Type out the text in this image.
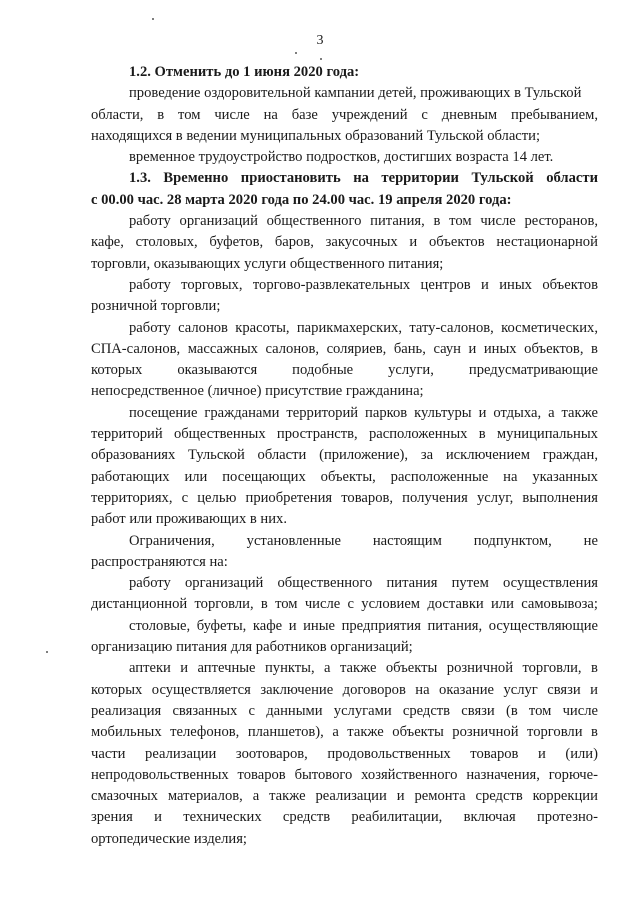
3
1.2. Отменить до 1 июня 2020 года:
проведение оздоровительной кампании детей, проживающих в Тульской
области, в том числе на базе учреждений с дневным пребыванием,
находящихся в ведении муниципальных образований Тульской области;
временное трудоустройство подростков, достигших возраста 14 лет.
1.3. Временно приостановить на территории Тульской области
с 00.00 час. 28 марта 2020 года по 24.00 час. 19 апреля 2020 года:
работу организаций общественного питания, в том числе ресторанов,
кафе, столовых, буфетов, баров, закусочных и объектов нестационарной
торговли, оказывающих услуги общественного питания;
работу торговых, торгово-развлекательных центров и иных объектов
розничной торговли;
работу салонов красоты, парикмахерских, тату-салонов, косметических,
СПА-салонов, массажных салонов, соляриев, бань, саун и иных объектов, в
которых оказываются подобные услуги, предусматривающие
непосредственное (личное) присутствие гражданина;
посещение гражданами территорий парков культуры и отдыха, а также
территорий общественных пространств, расположенных в муниципальных
образованиях Тульской области (приложение), за исключением граждан,
работающих или посещающих объекты, расположенные на указанных
территориях, с целью приобретения товаров, получения услуг, выполнения
работ или проживающих в них.
Ограничения, установленные настоящим подпунктом, не
распространяются на:
работу организаций общественного питания путем осуществления
дистанционной торговли, в том числе с условием доставки или самовывоза;
столовые, буфеты, кафе и иные предприятия питания, осуществляющие
организацию питания для работников организаций;
аптеки и аптечные пункты, а также объекты розничной торговли, в
которых осуществляется заключение договоров на оказание услуг связи и
реализация связанных с данными услугами средств связи (в том числе
мобильных телефонов, планшетов), а также объекты розничной торговли в
части реализации зоотоваров, продовольственных товаров и (или)
непродовольственных товаров бытового хозяйственного назначения, горюче-
смазочных материалов, а также реализации и ремонта средств коррекции
зрения и технических средств реабилитации, включая протезно-
ортопедические изделия;
